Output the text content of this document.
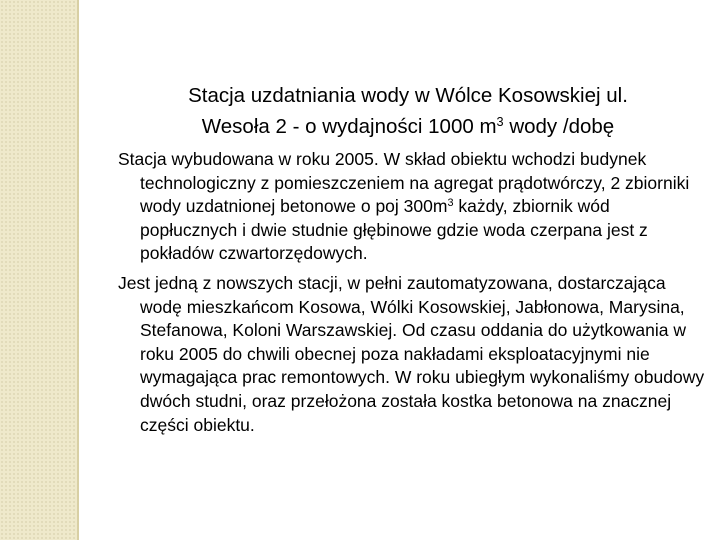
Stacja uzdatniania wody w Wólce Kosowskiej ul.
Wesoła 2 - o wydajności 1000 $m^3$ wody /dobę

Stacja wybudowana w roku 2005. W skład obiektu wchodzi budynek technologiczny z pomieszczeniem na agregat prądotwórczy, 2 zbiorniki wody uzdatnionej betonowe o poj $300m^3$ każdy, zbiornik wód popłucznych i dwie studnie głębinowe gdzie woda czerpana jest z pokładów czwartorzędowych.

Jest jedną z nowszych stacji, w pełni zautomatyzowana, dostarczająca wodę mieszkańcom Kosowa, Wólki Kosowskiej, Jabłonowa, Marysina, Stefanowa, Koloni Warszawskiej. Od czasu oddania do użytkowania w roku 2005 do chwili obecnej poza nakładami eksploatacyjnymi nie wymagająca prac remontowych. W roku ubiegłym wykonaliśmy obudowy dwóch studni, oraz przełożona została kostka betonowa na znacznej części obiektu.
